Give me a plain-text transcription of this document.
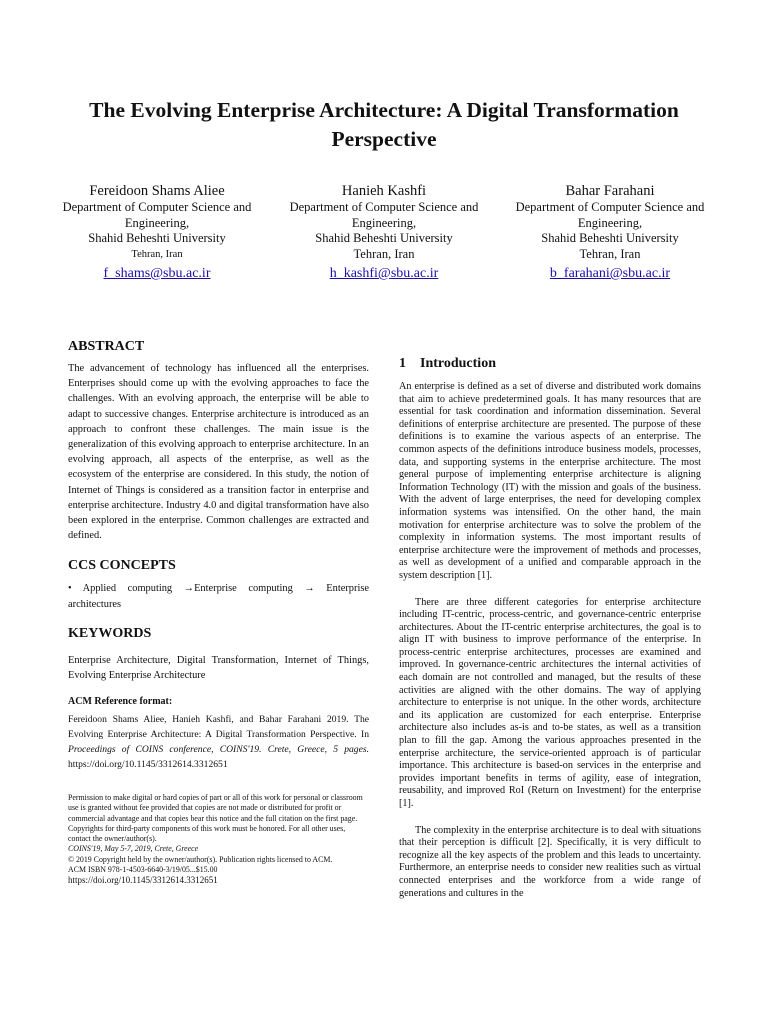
The Evolving Enterprise Architecture: A Digital Transformation Perspective
Fereidoon Shams Aliee
Department of Computer Science and Engineering,
Shahid Beheshti University
Tehran, Iran
f_shams@sbu.ac.ir
Hanieh Kashfi
Department of Computer Science and Engineering,
Shahid Beheshti University
Tehran, Iran
h_kashfi@sbu.ac.ir
Bahar Farahani
Department of Computer Science and Engineering,
Shahid Beheshti University
Tehran, Iran
b_farahani@sbu.ac.ir
ABSTRACT

The advancement of technology has influenced all the enterprises. Enterprises should come up with the evolving approaches to face the challenges. With an evolving approach, the enterprise will be able to adapt to successive changes. Enterprise architecture is introduced as an approach to confront these challenges. The main issue is the generalization of this evolving approach to enterprise architecture. In an evolving approach, all aspects of the enterprise, as well as the ecosystem of the enterprise are considered. In this study, the notion of Internet of Things is considered as a transition factor in enterprise and enterprise architecture. Industry 4.0 and digital transformation have also been explored in the enterprise. Common challenges are extracted and defined.

CCS CONCEPTS

• Applied computing →Enterprise computing → Enterprise architectures

KEYWORDS

Enterprise Architecture, Digital Transformation, Internet of Things, Evolving Enterprise Architecture

ACM Reference format:

Fereidoon Shams Aliee, Hanieh Kashfi, and Bahar Farahani 2019. The Evolving Enterprise Architecture: A Digital Transformation Perspective. In Proceedings of COINS conference, COINS'19. Crete, Greece, 5 pages. https://doi.org/10.1145/3312614.3312651

Permission to make digital or hard copies of part or all of this work for personal or classroom use is granted without fee provided that copies are not made or distributed for profit or commercial advantage and that copies bear this notice and the full citation on the first page. Copyrights for third-party components of this work must be honored. For all other uses, contact the owner/author(s).
COINS'19, May 5-7, 2019, Crete, Greece
© 2019 Copyright held by the owner/author(s). Publication rights licensed to ACM.
ACM ISBN 978-1-4503-6640-3/19/05...$15.00
https://doi.org/10.1145/3312614.3312651
1 Introduction

An enterprise is defined as a set of diverse and distributed work domains that aim to achieve predetermined goals. It has many resources that are essential for task coordination and information dissemination. Several definitions of enterprise architecture are presented. The purpose of these definitions is to examine the various aspects of an enterprise. The common aspects of the definitions introduce business models, processes, data, and supporting systems in the enterprise architecture. The most general purpose of implementing enterprise architecture is aligning Information Technology (IT) with the mission and goals of the business. With the advent of large enterprises, the need for developing complex information systems was intensified. On the other hand, the main motivation for enterprise architecture was to solve the problem of the complexity in information systems. The most important results of enterprise architecture were the improvement of methods and processes, as well as development of a unified and comparable approach in the system description [1].

There are three different categories for enterprise architecture including IT-centric, process-centric, and governance-centric enterprise architectures. About the IT-centric enterprise architectures, the goal is to align IT with business to improve performance of the enterprise. In process-centric enterprise architectures, processes are examined and improved. In governance-centric architectures the internal activities of each domain are not controlled and managed, but the results of these activities are aligned with the other domains. The way of applying architecture to enterprise is not unique. In the other words, architecture and its application are customized for each enterprise. Enterprise architecture also includes as-is and to-be states, as well as a transition plan to fill the gap. Among the various approaches presented in the enterprise architecture, the service-oriented approach is of particular importance. This architecture is based-on services in the enterprise and provides important benefits in terms of agility, ease of integration, reusability, and improved RoI (Return on Investment) for the enterprise [1].

The complexity in the enterprise architecture is to deal with situations that their perception is difficult [2]. Specifically, it is very difficult to recognize all the key aspects of the problem and this leads to uncertainty. Furthermore, an enterprise needs to consider new realities such as virtual connected enterprises and the workforce from a wide range of generations and cultures in the
